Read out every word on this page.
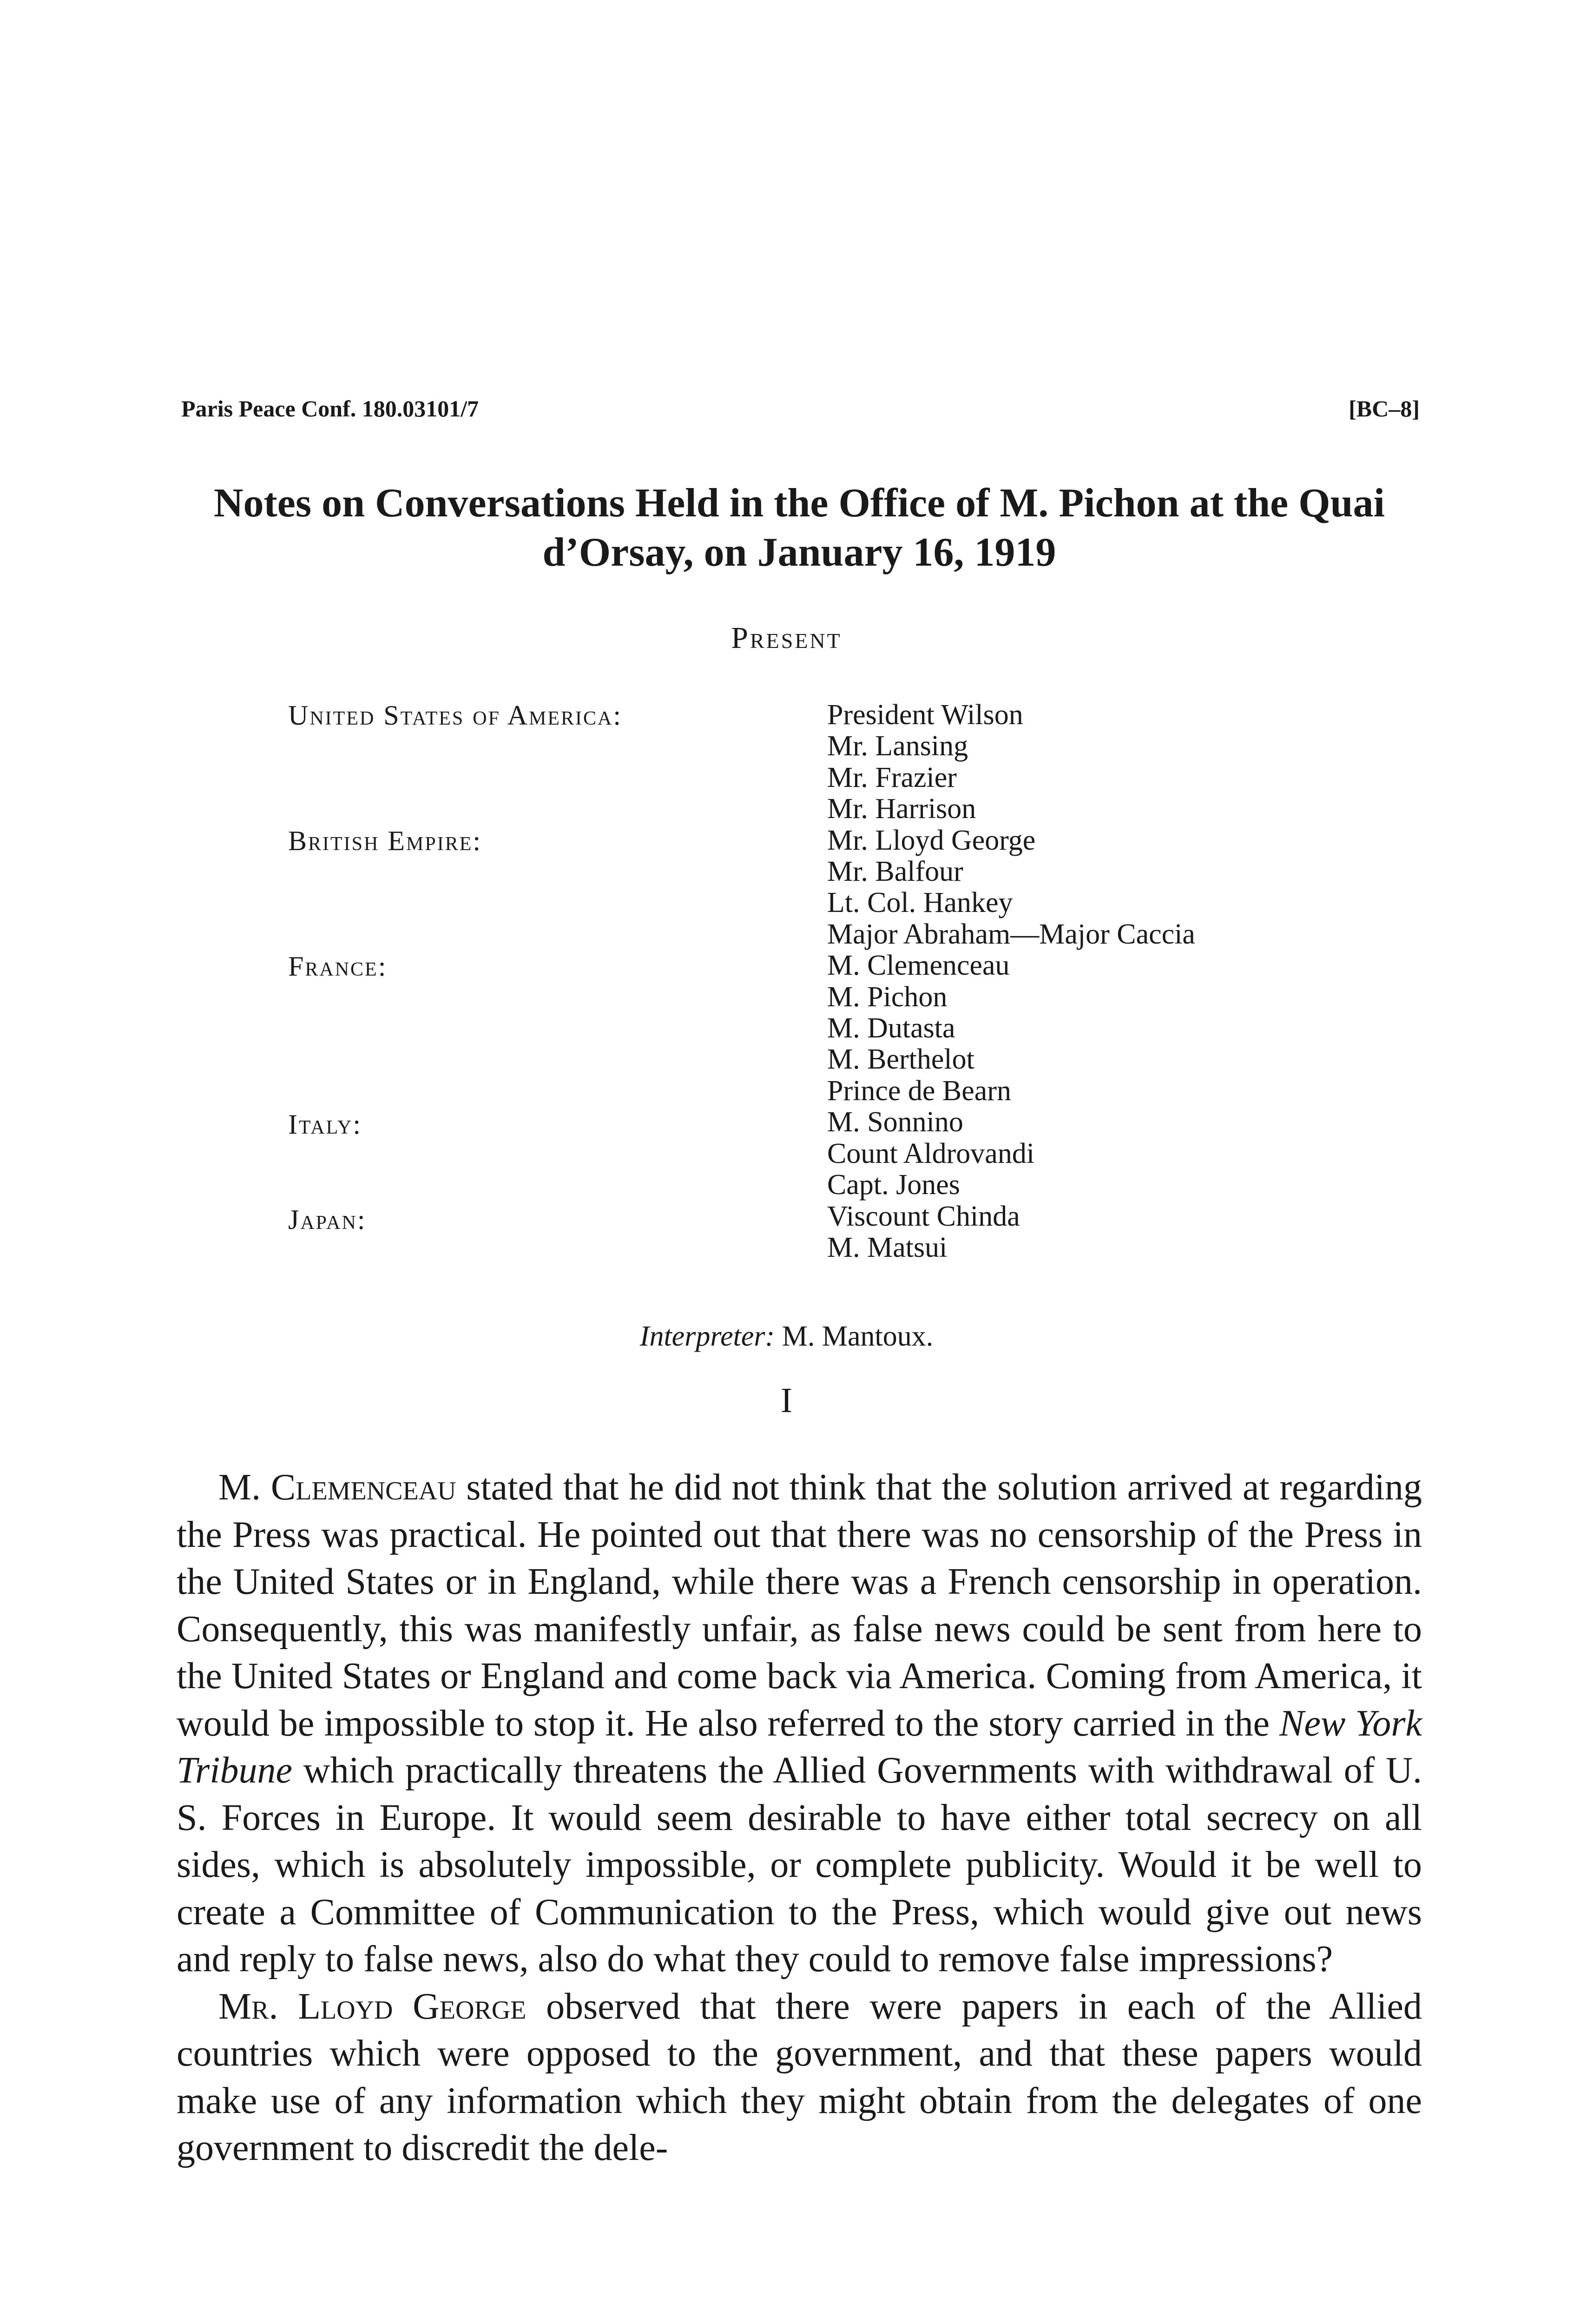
Paris Peace Conf. 180.03101/7	[BC–8]
Notes on Conversations Held in the Office of M. Pichon at the Quai d’Orsay, on January 16, 1919
Present
United States of America:
British Empire:
France:
Italy:
Japan:
President Wilson
Mr. Lansing
Mr. Frazier
Mr. Harrison
Mr. Lloyd George
Mr. Balfour
Lt. Col. Hankey
Major Abraham—Major Caccia
M. Clemenceau
M. Pichon
M. Dutasta
M. Berthelot
Prince de Bearn
M. Sonnino
Count Aldrovandi
Capt. Jones
Viscount Chinda
M. Matsui
Interpreter: M. Mantoux.
I

M. Clemenceau stated that he did not think that the solution arrived at regarding the Press was practical. He pointed out that there was no censorship of the Press in the United States or in England, while there was a French censorship in operation. Consequently, this was manifestly unfair, as false news could be sent from here to the United States or England and come back via America. Coming from America, it would be impossible to stop it. He also referred to the story carried in the New York Tribune which practically threatens the Allied Governments with withdrawal of U. S. Forces in Europe. It would seem desirable to have either total secrecy on all sides, which is absolutely impossible, or complete publicity. Would it be well to create a Committee of Communication to the Press, which would give out news and reply to false news, also do what they could to remove false impressions?

Mr. Lloyd George observed that there were papers in each of the Allied countries which were opposed to the government, and that these papers would make use of any information which they might obtain from the delegates of one government to discredit the dele-
